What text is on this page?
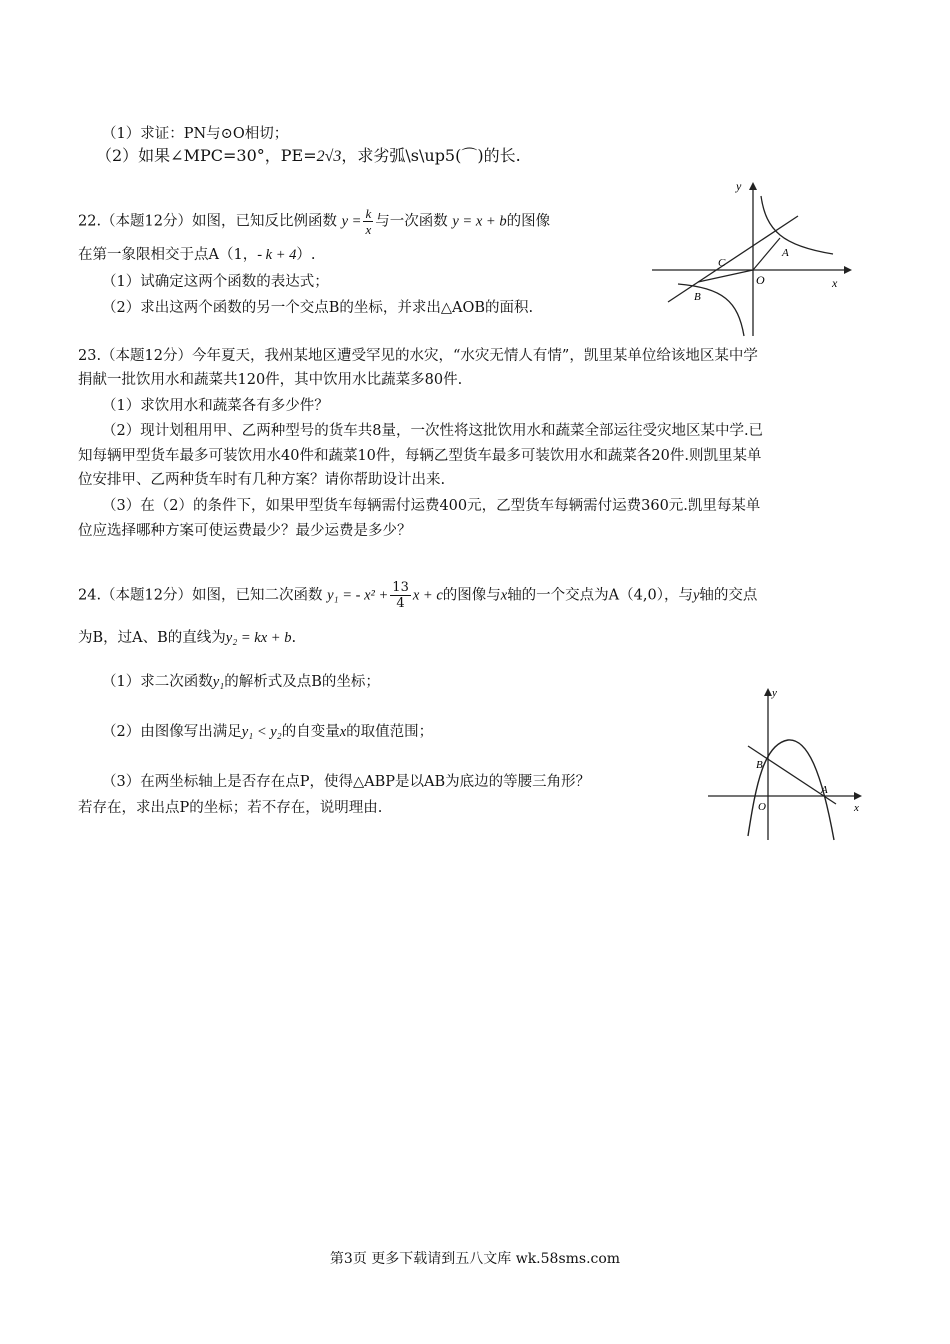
（1）求证：PN与⊙O相切；
（2）如果∠MPC=30°，PE=2√3，求劣弧\s\up5(⌒)的长.
22.（本题12分）如图，已知反比例函数 $y = \frac{k}{x}$ 与一次函数 y = x + b的图像
在第一象限相交于点A（1，- k + 4）.
（1）试确定这两个函数的表达式；
（2）求出这两个函数的另一个交点B的坐标，并求出△AOB的面积.
y
x
O
A
B
C
23.（本题12分）今年夏天，我州某地区遭受罕见的水灾，“水灾无情人有情”，凯里某单位给该地区某中学
捐献一批饮用水和蔬菜共120件，其中饮用水比蔬菜多80件.
（1）求饮用水和蔬菜各有多少件？
（2）现计划租用甲、乙两种型号的货车共8量，一次性将这批饮用水和蔬菜全部运往受灾地区某中学.已
知每辆甲型货车最多可装饮用水40件和蔬菜10件，每辆乙型货车最多可装饮用水和蔬菜各20件.则凯里某单
位安排甲、乙两种货车时有几种方案？请你帮助设计出来.
（3）在（2）的条件下，如果甲型货车每辆需付运费400元，乙型货车每辆需付运费360元.凯里每某单
位应选择哪种方案可使运费最少？最少运费是多少？
24.（本题12分）如图，已知二次函数 y₁ = - $x^2 + \frac{13}{4}$ x + c的图像与x轴的一个交点为A（4,0），与y轴的交点
为B，过A、B的直线为y₂ = kx + b.
（1）求二次函数y₁的解析式及点B的坐标；
（2）由图像写出满足y₁ < y₂的自变量x的取值范围；
（3）在两坐标轴上是否存在点P，使得△ABP是以AB为底边的等腰三角形？
若存在，求出点P的坐标；若不存在，说明理由.
y
x
O
A
B
第3页 更多下载请到五八文库 wk.58sms.com
